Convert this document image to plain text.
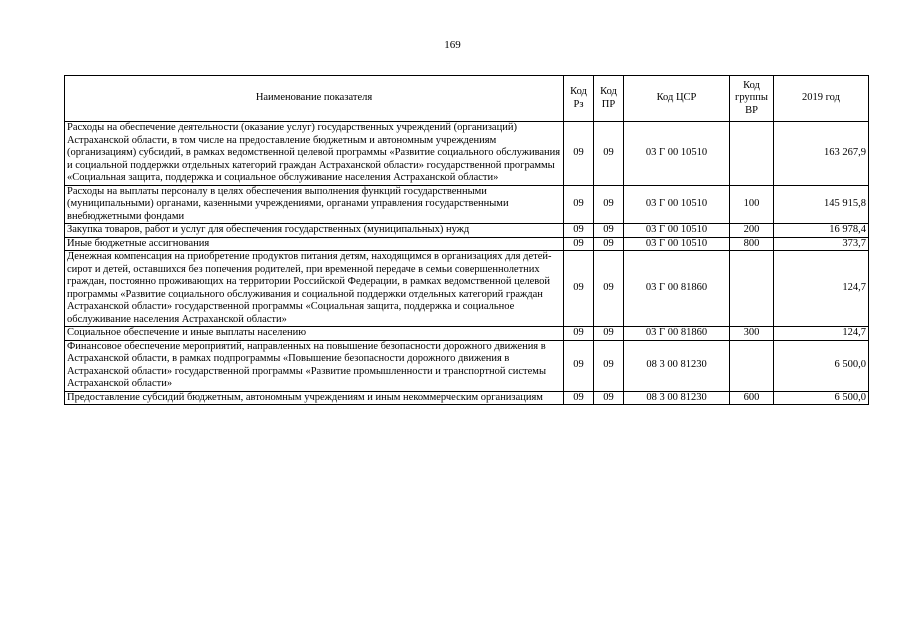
169
Наименование показателя	Код Рз	Код ПР	Код ЦСР	Код группы ВР	2019 год
Расходы на обеспечение деятельности (оказание услуг) государственных учреждений (организаций) Астраханской области, в том числе на предоставление бюджетным и автономным учреждениям (организациям) субсидий, в рамках ведомственной целевой программы «Развитие социального обслуживания и социальной поддержки отдельных категорий граждан Астраханской области» государственной программы «Социальная защита, поддержка и социальное обслуживание населения Астраханской области»	09	09	03 Г 00 10510		163 267,9
Расходы на выплаты персоналу в целях обеспечения выполнения функций государственными (муниципальными) органами, казенными учреждениями, органами управления государственными внебюджетными фондами	09	09	03 Г 00 10510	100	145 915,8
Закупка товаров, работ и услуг для обеспечения государственных (муниципальных) нужд	09	09	03 Г 00 10510	200	16 978,4
Иные бюджетные ассигнования	09	09	03 Г 00 10510	800	373,7
Денежная компенсация на приобретение продуктов питания детям, находящимся в организациях для детей-сирот и детей, оставшихся без попечения родителей, при временной передаче в семьи совершеннолетних граждан, постоянно проживающих на территории Российской Федерации, в рамках ведомственной целевой программы «Развитие социального обслуживания и социальной поддержки отдельных категорий граждан Астраханской области» государственной программы «Социальная защита, поддержка и социальное обслуживание населения Астраханской области»	09	09	03 Г 00 81860		124,7
Социальное обеспечение и иные выплаты населению	09	09	03 Г 00 81860	300	124,7
Финансовое обеспечение мероприятий, направленных на повышение безопасности дорожного движения в Астраханской области, в рамках подпрограммы «Повышение безопасности дорожного движения в Астраханской области» государственной программы «Развитие промышленности и транспортной системы Астраханской области»	09	09	08 3 00 81230		6 500,0
Предоставление субсидий бюджетным, автономным учреждениям и иным некоммерческим организациям	09	09	08 3 00 81230	600	6 500,0
